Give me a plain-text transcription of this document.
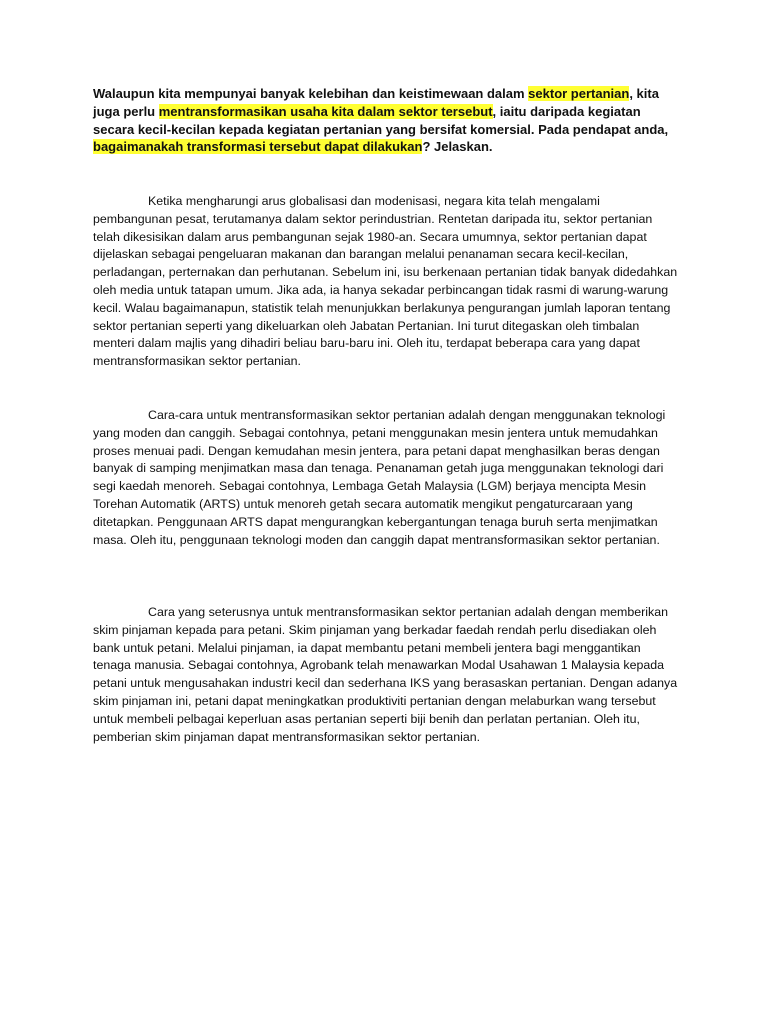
Walaupun kita mempunyai banyak kelebihan dan keistimewaan dalam sektor pertanian, kita juga perlu mentransformasikan usaha kita dalam sektor tersebut, iaitu daripada kegiatan secara kecil-kecilan kepada kegiatan pertanian yang bersifat komersial. Pada pendapat anda, bagaimanakah transformasi tersebut dapat dilakukan? Jelaskan.

Ketika mengharungi arus globalisasi dan modenisasi, negara kita telah mengalami pembangunan pesat, terutamanya dalam sektor perindustrian. Rentetan daripada itu, sektor pertanian telah dikesisikan dalam arus pembangunan sejak 1980-an. Secara umumnya, sektor pertanian dapat dijelaskan sebagai pengeluaran makanan dan barangan melalui penanaman secara kecil-kecilan, perladangan, perternakan dan perhutanan. Sebelum ini, isu berkenaan pertanian tidak banyak didedahkan oleh media untuk tatapan umum. Jika ada, ia hanya sekadar perbincangan tidak rasmi di warung-warung kecil. Walau bagaimanapun, statistik telah menunjukkan berlakunya pengurangan jumlah laporan tentang sektor pertanian seperti yang dikeluarkan oleh Jabatan Pertanian. Ini turut ditegaskan oleh timbalan menteri dalam majlis yang dihadiri beliau baru-baru ini. Oleh itu, terdapat beberapa cara yang dapat mentransformasikan sektor pertanian.

Cara-cara untuk mentransformasikan sektor pertanian adalah dengan menggunakan teknologi yang moden dan canggih. Sebagai contohnya, petani menggunakan mesin jentera untuk memudahkan proses menuai padi. Dengan kemudahan mesin jentera, para petani dapat menghasilkan beras dengan banyak di samping menjimatkan masa dan tenaga. Penanaman getah juga menggunakan teknologi dari segi kaedah menoreh. Sebagai contohnya, Lembaga Getah Malaysia (LGM) berjaya mencipta Mesin Torehan Automatik (ARTS) untuk menoreh getah secara automatik mengikut pengaturcaraan yang ditetapkan. Penggunaan ARTS dapat mengurangkan kebergantungan tenaga buruh serta menjimatkan masa. Oleh itu, penggunaan teknologi moden dan canggih dapat mentransformasikan sektor pertanian.

Cara yang seterusnya untuk mentransformasikan sektor pertanian adalah dengan memberikan skim pinjaman kepada para petani. Skim pinjaman yang berkadar faedah rendah perlu disediakan oleh bank untuk petani. Melalui pinjaman, ia dapat membantu petani membeli jentera bagi menggantikan tenaga manusia. Sebagai contohnya, Agrobank telah menawarkan Modal Usahawan 1 Malaysia kepada petani untuk mengusahakan industri kecil dan sederhana IKS yang berasaskan pertanian. Dengan adanya skim pinjaman ini, petani dapat meningkatkan produktiviti pertanian dengan melaburkan wang tersebut untuk membeli pelbagai keperluan asas pertanian seperti biji benih dan perlatan pertanian. Oleh itu, pemberian skim pinjaman dapat mentransformasikan sektor pertanian.
